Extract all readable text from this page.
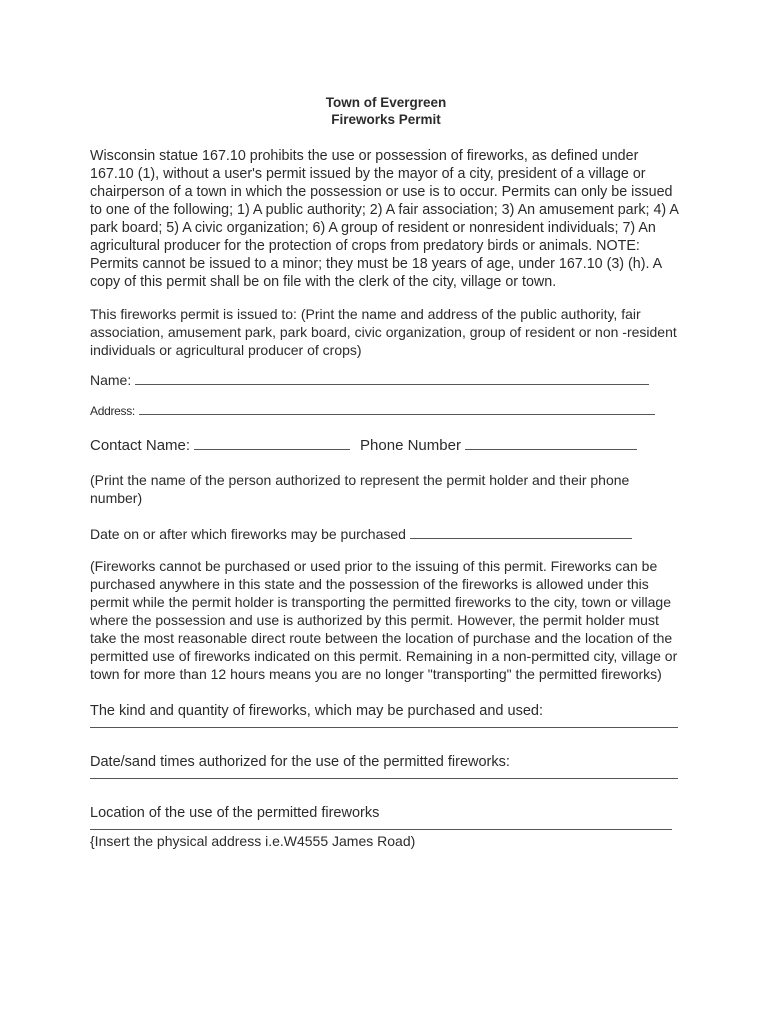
Town of Evergreen

Fireworks Permit

Wisconsin statue 167.10 prohibits the use or possession of fireworks, as defined under 167.10 (1), without a user's permit issued by the mayor of a city, president of a village or chairperson of a town in which the possession or use is to occur. Permits can only be issued to one of the following; 1) A public authority; 2) A fair association; 3) An amusement park; 4) A park board; 5) A civic organization; 6) A group of resident or nonresident individuals; 7) An agricultural producer for the protection of crops from predatory birds or animals. NOTE: Permits cannot be issued to a minor; they must be 18 years of age, under 167.10 (3) (h). A copy of this permit shall be on file with the clerk of the city, village or town.

This fireworks permit is issued to: (Print the name and address of the public authority, fair association, amusement park, park board, civic organization, group of resident or non -resident individuals or agricultural producer of crops)

Name:
Address:
Contact Name:	Phone Number

(Print the name of the person authorized to represent the permit holder and their phone number)

Date on or after which fireworks may be purchased

(Fireworks cannot be purchased or used prior to the issuing of this permit. Fireworks can be purchased anywhere in this state and the possession of the fireworks is allowed under this permit while the permit holder is transporting the permitted fireworks to the city, town or village where the possession and use is authorized by this permit. However, the permit holder must take the most reasonable direct route between the location of purchase and the location of the permitted use of fireworks indicated on this permit. Remaining in a non-permitted city, village or town for more than 12 hours means you are no longer "transporting" the permitted fireworks)

The kind and quantity of fireworks, which may be purchased and used:

Date/sand times authorized for the use of the permitted fireworks:

Location of the use of the permitted fireworks

{Insert the physical address i.e.W4555 James Road)
